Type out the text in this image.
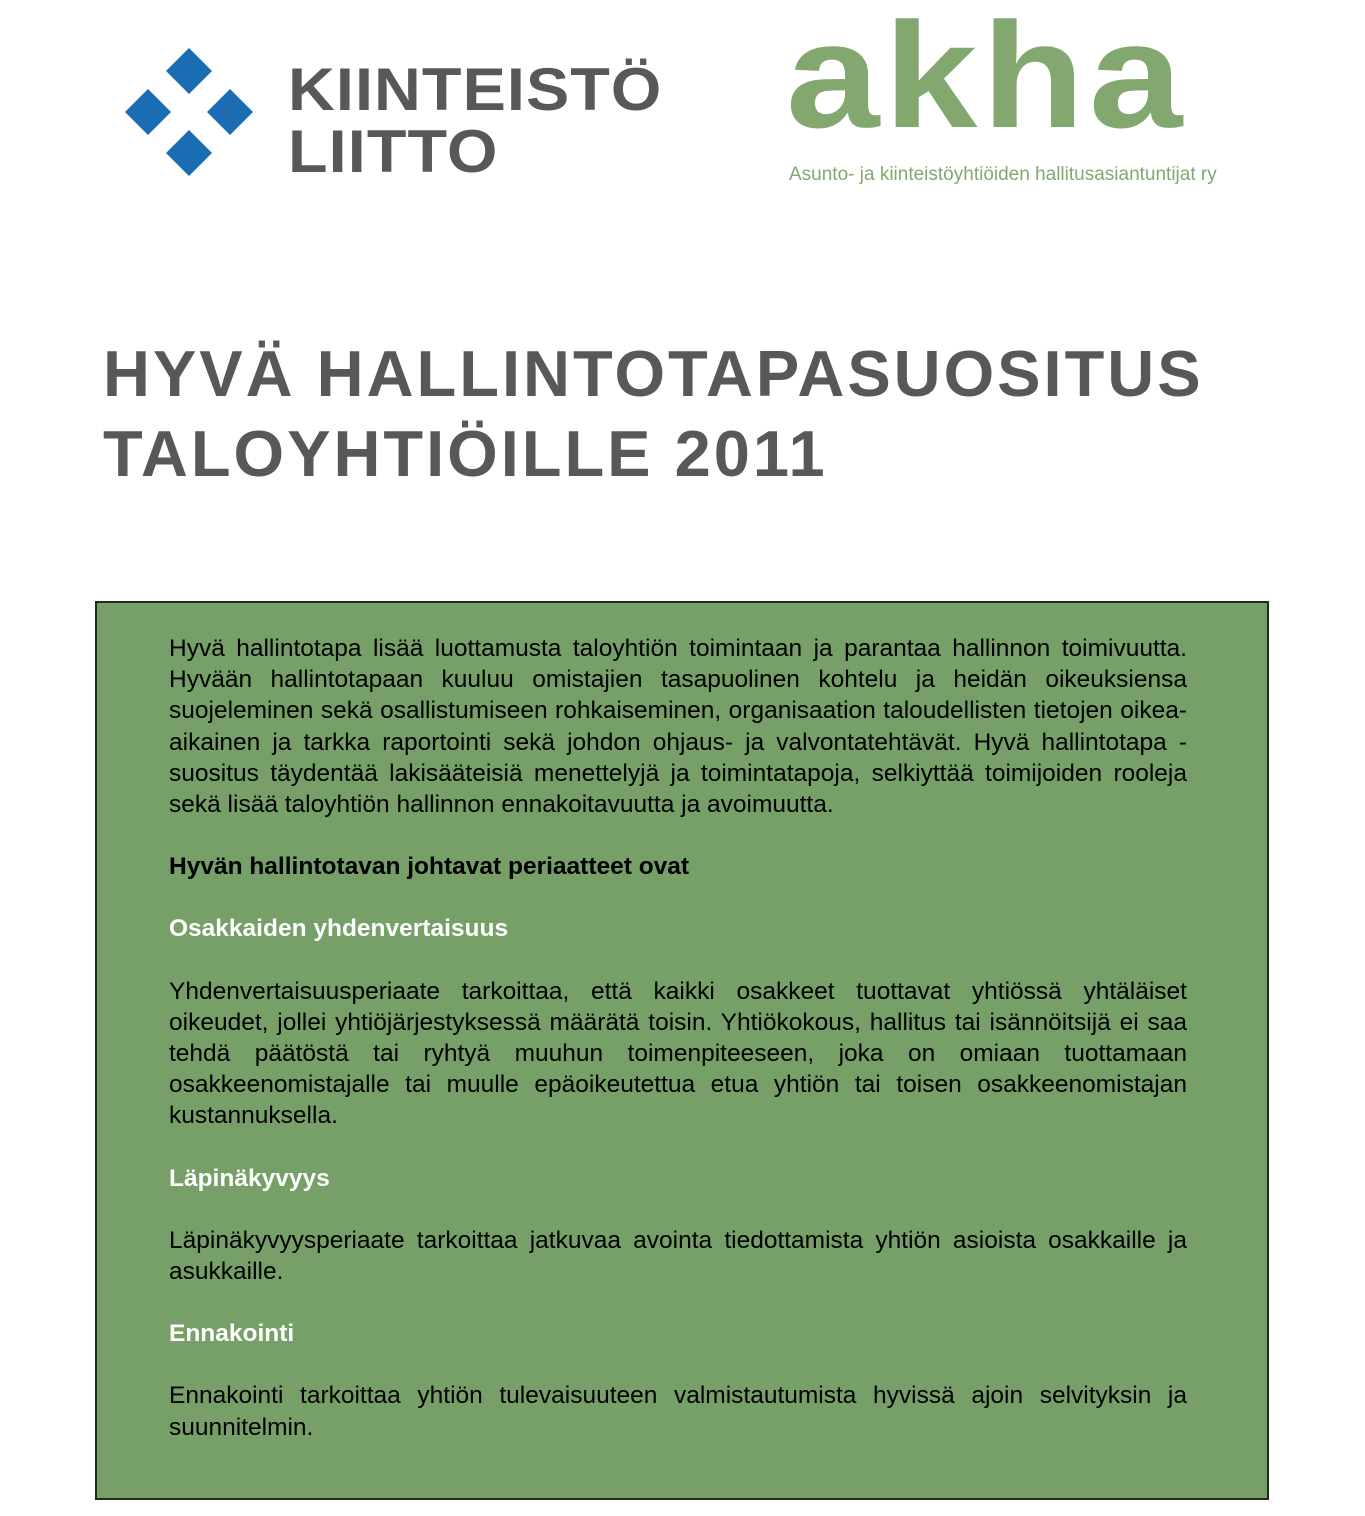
KIINTEISTÖ
LIITTO	akha
Asunto- ja kiinteistöyhtiöiden hallitusasiantuntijat ry
HYVÄ HALLINTOTAPASUOSITUS
TALOYHTIÖILLE 2011

Hyvä hallintotapa lisää luottamusta taloyhtiön toimintaan ja parantaa hallinnon toimivuutta. Hyvään hallintotapaan kuuluu omistajien tasapuolinen kohtelu ja heidän oikeuksiensa suojeleminen sekä osallistumiseen rohkaiseminen, organisaation taloudellisten tietojen oikea-aikainen ja tarkka raportointi sekä johdon ohjaus- ja valvontatehtävät. Hyvä hallintotapa -suositus täydentää lakisääteisiä menettelyjä ja toimintatapoja, selkiyttää toimijoiden rooleja sekä lisää taloyhtiön hallinnon ennakoitavuutta ja avoimuutta.

Hyvän hallintotavan johtavat periaatteet ovat
Osakkaiden yhdenvertaisuus

Yhdenvertaisuusperiaate tarkoittaa, että kaikki osakkeet tuottavat yhtiössä yhtäläiset oikeudet, jollei yhtiöjärjestyksessä määrätä toisin. Yhtiökokous, hallitus tai isännöitsijä ei saa tehdä päätöstä tai ryhtyä muuhun toimenpiteeseen, joka on omiaan tuottamaan osakkeenomistajalle tai muulle epäoikeutettua etua yhtiön tai toisen osakkeenomistajan kustannuksella.

Läpinäkyvyys

Läpinäkyvyysperiaate tarkoittaa jatkuvaa avointa tiedottamista yhtiön asioista osakkaille ja asukkaille.

Ennakointi

Ennakointi tarkoittaa yhtiön tulevaisuuteen valmistautumista hyvissä ajoin selvityksin ja suunnitelmin.
